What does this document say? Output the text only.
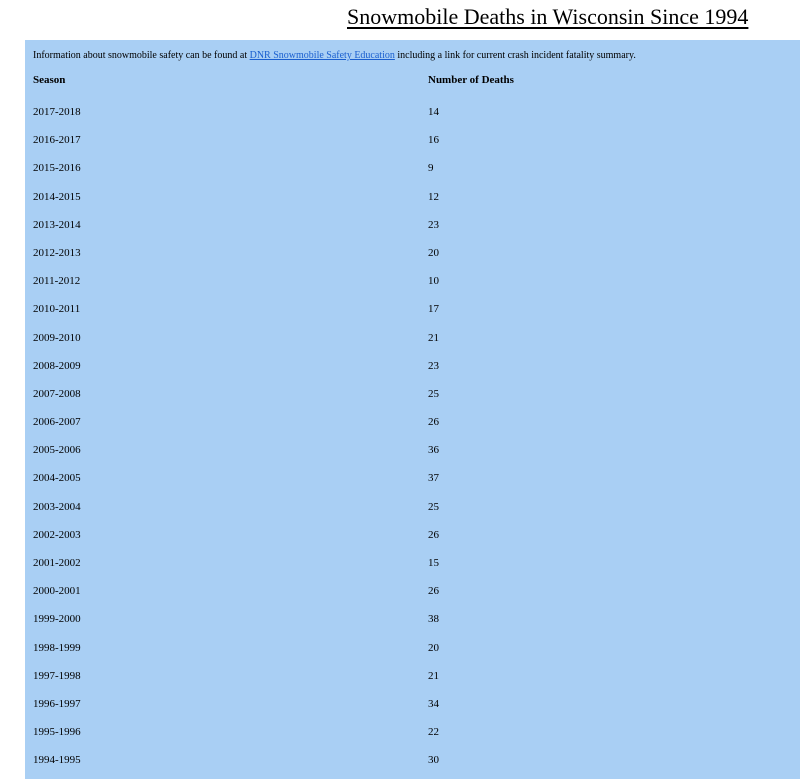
Snowmobile Deaths in Wisconsin Since 1994
Information about snowmobile safety can be found at DNR Snowmobile Safety Education including a link for current crash incident fatality summary.
Season	Number of Deaths
2017-2018	14
2016-2017	16
2015-2016	9
2014-2015	12
2013-2014	23
2012-2013	20
2011-2012	10
2010-2011	17
2009-2010	21
2008-2009	23
2007-2008	25
2006-2007	26
2005-2006	36
2004-2005	37
2003-2004	25
2002-2003	26
2001-2002	15
2000-2001	26
1999-2000	38
1998-1999	20
1997-1998	21
1996-1997	34
1995-1996	22
1994-1995	30
